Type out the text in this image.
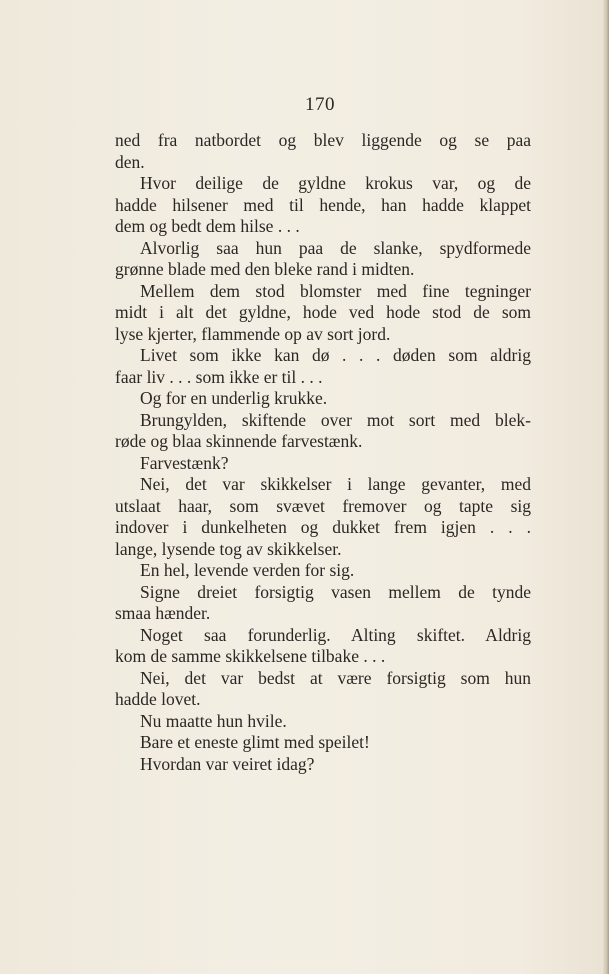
170
ned fra natbordet og blev liggende og se paa
den.
Hvor deilige de gyldne krokus var, og de
hadde hilsener med til hende, han hadde klappet
dem og bedt dem hilse . . .
Alvorlig saa hun paa de slanke, spydformede
grønne blade med den bleke rand i midten.
Mellem dem stod blomster med fine tegninger
midt i alt det gyldne, hode ved hode stod de som
lyse kjerter, flammende op av sort jord.
Livet som ikke kan dø . . . døden som aldrig
faar liv . . . som ikke er til . . .
Og for en underlig krukke.
Brungylden, skiftende over mot sort med blek-
røde og blaa skinnende farvestænk.
Farvestænk?
Nei, det var skikkelser i lange gevanter, med
utslaat haar, som svævet fremover og tapte sig
indover i dunkelheten og dukket frem igjen . . .
lange, lysende tog av skikkelser.
En hel, levende verden for sig.
Signe dreiet forsigtig vasen mellem de tynde
smaa hænder.
Noget saa forunderlig. Alting skiftet. Aldrig
kom de samme skikkelsene tilbake . . .
Nei, det var bedst at være forsigtig som hun
hadde lovet.
Nu maatte hun hvile.
Bare et eneste glimt med speilet!
Hvordan var veiret idag?
